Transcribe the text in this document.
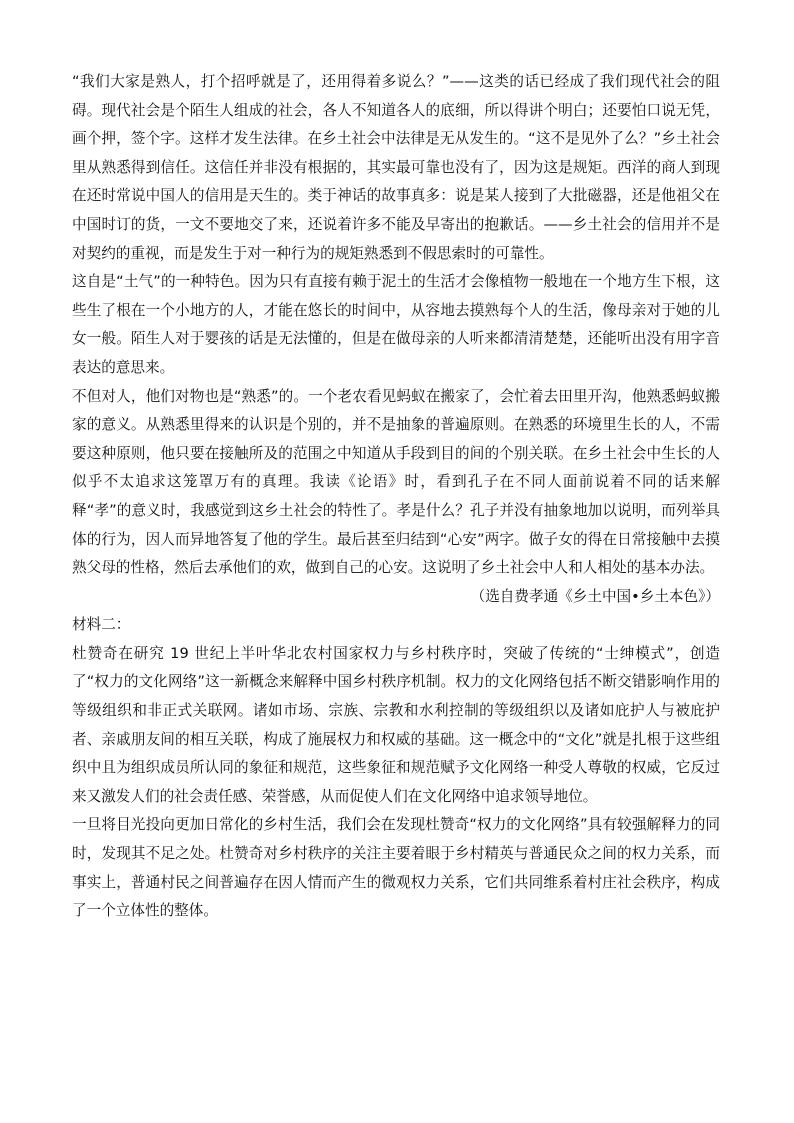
“我们大家是熟人，打个招呼就是了，还用得着多说么？”——这类的话已经成了我们现代社会的阻碍。现代社会是个陌生人组成的社会，各人不知道各人的底细，所以得讲个明白；还要怕口说无凭，画个押，签个字。这样才发生法律。在乡土社会中法律是无从发生的。“这不是见外了么？”乡土社会里从熟悉得到信任。这信任并非没有根据的，其实最可靠也没有了，因为这是规矩。西洋的商人到现在还时常说中国人的信用是天生的。类于神话的故事真多：说是某人接到了大批磁器，还是他祖父在中国时订的货，一文不要地交了来，还说着许多不能及早寄出的抱歉话。——乡土社会的信用并不是对契约的重视，而是发生于对一种行为的规矩熟悉到不假思索时的可靠性。

这自是“土气”的一种特色。因为只有直接有赖于泥土的生活才会像植物一般地在一个地方生下根，这些生了根在一个小地方的人，才能在悠长的时间中，从容地去摸熟每个人的生活，像母亲对于她的儿女一般。陌生人对于婴孩的话是无法懂的，但是在做母亲的人听来都清清楚楚，还能听出没有用字音表达的意思来。

不但对人，他们对物也是“熟悉”的。一个老农看见蚂蚁在搬家了，会忙着去田里开沟，他熟悉蚂蚁搬家的意义。从熟悉里得来的认识是个别的，并不是抽象的普遍原则。在熟悉的环境里生长的人，不需要这种原则，他只要在接触所及的范围之中知道从手段到目的间的个别关联。在乡土社会中生长的人似乎不太追求这笼罩万有的真理。我读《论语》时，看到孔子在不同人面前说着不同的话来解释“孝”的意义时，我感觉到这乡土社会的特性了。孝是什么？孔子并没有抽象地加以说明，而列举具体的行为，因人而异地答复了他的学生。最后甚至归结到“心安”两字。做子女的得在日常接触中去摸熟父母的性格，然后去承他们的欢，做到自己的心安。这说明了乡土社会中人和人相处的基本办法。

（选自费孝通《乡土中国•乡土本色》）

材料二：

杜赞奇在研究 19 世纪上半叶华北农村国家权力与乡村秩序时，突破了传统的“士绅模式”，创造了“权力的文化网络”这一新概念来解释中国乡村秩序机制。权力的文化网络包括不断交错影响作用的等级组织和非正式关联网。诸如市场、宗族、宗教和水利控制的等级组织以及诸如庇护人与被庇护者、亲戚朋友间的相互关联，构成了施展权力和权威的基础。这一概念中的“文化”就是扎根于这些组织中且为组织成员所认同的象征和规范，这些象征和规范赋予文化网络一种受人尊敬的权威，它反过来又激发人们的社会责任感、荣誉感，从而促使人们在文化网络中追求领导地位。

一旦将目光投向更加日常化的乡村生活，我们会在发现杜赞奇“权力的文化网络”具有较强解释力的同时，发现其不足之处。杜赞奇对乡村秩序的关注主要着眼于乡村精英与普通民众之间的权力关系，而事实上，普通村民之间普遍存在因人情而产生的微观权力关系，它们共同维系着村庄社会秩序，构成了一个立体性的整体。
